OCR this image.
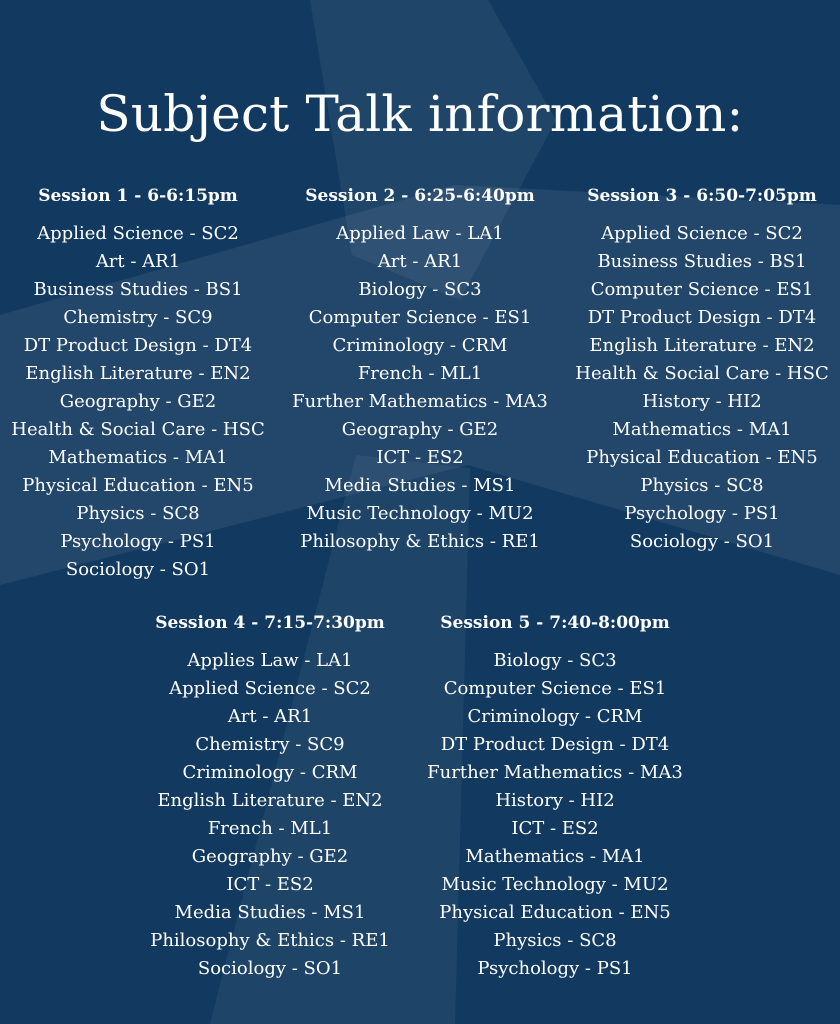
Subject Talk information:
Session 1 - 6-6:15pm
Applied Science - SC2
Art - AR1
Business Studies - BS1
Chemistry - SC9
DT Product Design - DT4
English Literature - EN2
Geography - GE2
Health & Social Care - HSC
Mathematics - MA1
Physical Education - EN5
Physics - SC8
Psychology - PS1
Sociology - SO1
Session 2 - 6:25-6:40pm
Applied Law - LA1
Art - AR1
Biology - SC3
Computer Science - ES1
Criminology - CRM
French - ML1
Further Mathematics - MA3
Geography - GE2
ICT - ES2
Media Studies - MS1
Music Technology - MU2
Philosophy & Ethics - RE1
Session 3 - 6:50-7:05pm
Applied Science - SC2
Business Studies - BS1
Computer Science - ES1
DT Product Design - DT4
English Literature - EN2
Health & Social Care - HSC
History - HI2
Mathematics - MA1
Physical Education - EN5
Physics - SC8
Psychology - PS1
Sociology - SO1
Session 4 - 7:15-7:30pm
Applies Law - LA1
Applied Science - SC2
Art - AR1
Chemistry - SC9
Criminology - CRM
English Literature - EN2
French - ML1
Geography - GE2
ICT - ES2
Media Studies - MS1
Philosophy & Ethics - RE1
Sociology - SO1
Session 5 - 7:40-8:00pm
Biology - SC3
Computer Science - ES1
Criminology - CRM
DT Product Design - DT4
Further Mathematics - MA3
History - HI2
ICT - ES2
Mathematics - MA1
Music Technology - MU2
Physical Education - EN5
Physics - SC8
Psychology - PS1
